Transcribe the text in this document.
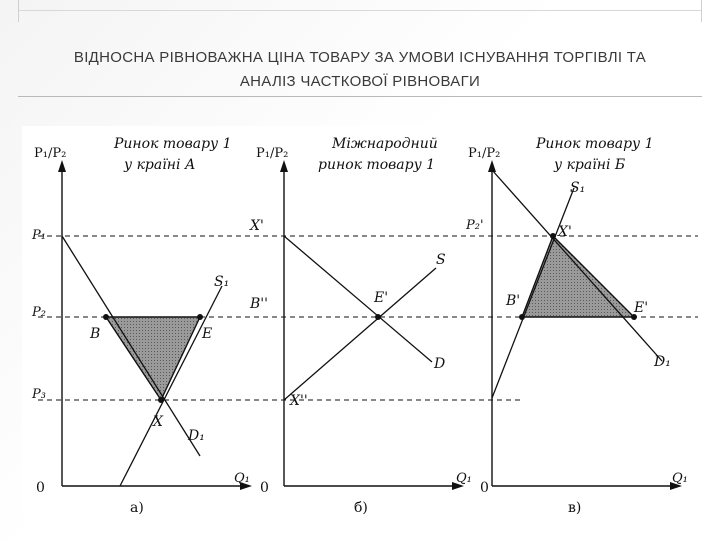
ВІДНОСНА РІВНОВАЖНА ЦІНА ТОВАРУ ЗА УМОВИ ІСНУВАННЯ ТОРГІВЛІ ТА
АНАЛІЗ ЧАСТКОВОЇ РІВНОВАГИ
P₁/P₂
Ринок товару 1
у країні А
P₁
P₂
P₃
B	E
X
S₁
D₁
0
Q₁
а)
P₁/P₂
Міжнародний
ринок товару 1
X'
B''	E'
X''
S
D
0
Q₁
б)
P₁/P₂
Ринок товару 1
у країні Б
P₂'	X'
B'	E'
S₁
D₁
0
Q₁
в)
